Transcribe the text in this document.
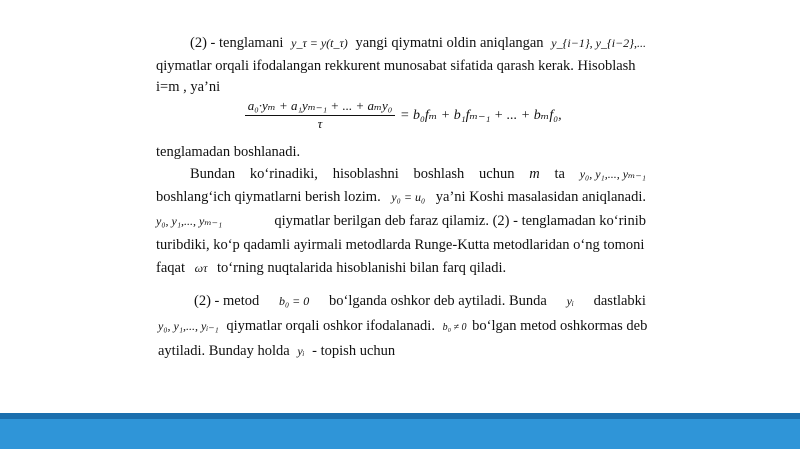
(2) - tenglamani y_τ = y(t_τ) yangi qiymatni oldin aniqlangan y_{i−1}, y_{i−2},...
qiymatlar orqali ifodalangan rekkurent munosabat sifatida qarash kerak. Hisoblash
i=m , ya’ni
a₀·yₘ + a₁yₘ₋₁ + ... + aₘy₀
τ
= b₀fₘ + b₁fₘ₋₁ + ... + bₘf₀,
tenglamadan boshlanadi.
Bundan ko‘rinadiki, hisoblashni boshlash uchun m ta y₀, y₁,..., yₘ₋₁
boshlang‘ich qiymatlarni berish lozim. y₀ = u₀ ya’ni Koshi masalasidan aniqlanadi.
y₀, y₁,..., yₘ₋₁	qiymatlar berilgan deb faraz qilamiz. (2) - tenglamadan ko‘rinib
turibdiki, ko‘p qadamli ayirmali metodlarda Runge-Kutta metodlaridan o‘ng tomoni
faqat ωτ to‘rning nuqtalarida hisoblanishi bilan farq qiladi.
(2) - metod b₀ = 0 bo‘lganda oshkor deb aytiladi. Bunda yᵢ dastlabki
y₀, y₁,..., yᵢ₋₁ qiymatlar orqali oshkor ifodalanadi. b₀ ≠ 0 bo‘lgan metod oshkormas deb
aytiladi. Bunday holda yᵢ - topish uchun
